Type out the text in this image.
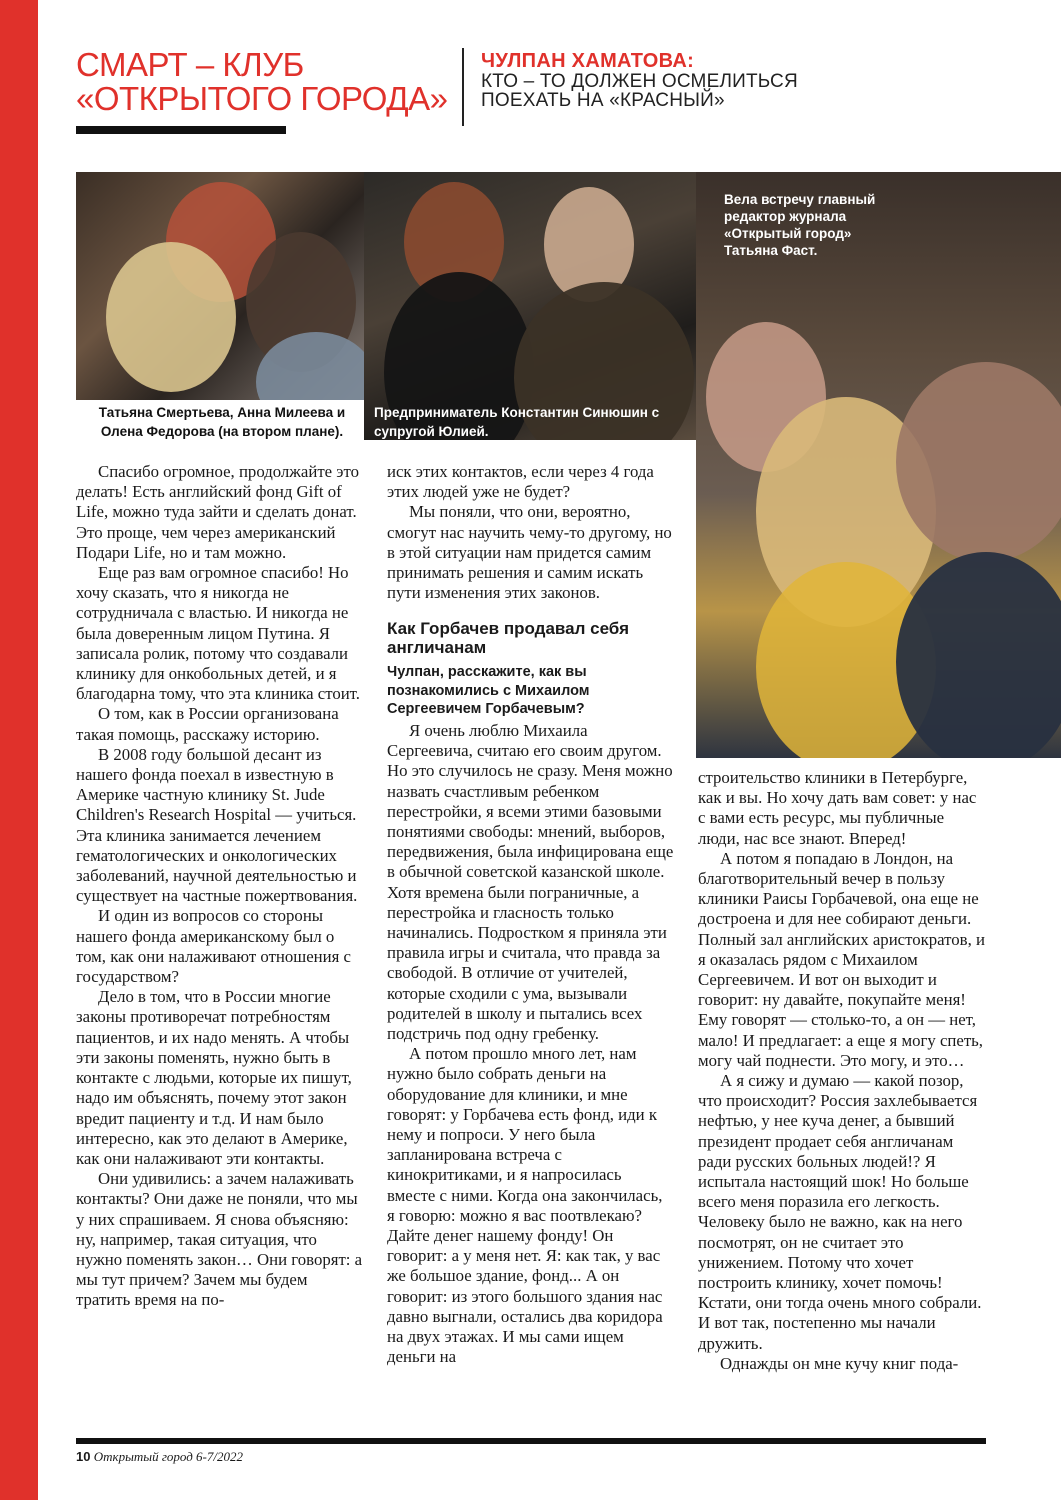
СМАРТ – КЛУБ
«ОТКРЫТОГО ГОРОДА»
ЧУЛПАН ХАМАТОВА:
КТО – ТО ДОЛЖЕН ОСМЕЛИТЬСЯ
ПОЕХАТЬ НА «КРАСНЫЙ»
Татьяна Смертьева, Анна Милеева и Олена Федорова (на втором плане).
Предприниматель Константин Синюшин с супругой Юлией.
Вела встречу главный редактор журнала «Открытый город» Татьяна Фаст.

Спасибо огромное, продолжайте это делать! Есть английский фонд Gift of Life, можно туда зайти и сделать донат. Это проще, чем через американский Подари Life, но и там можно.

Еще раз вам огромное спасибо! Но хочу сказать, что я никогда не сотрудничала с властью. И никогда не была доверенным лицом Путина. Я записала ролик, потому что создавали клинику для онкобольных детей, и я благодарна тому, что эта клиника стоит.

О том, как в России организована такая помощь, расскажу историю.

В 2008 году большой десант из нашего фонда поехал в известную в Америке частную клинику St. Jude Children's Research Hospital — учиться. Эта клиника занимается лечением гематологических и онкологических заболеваний, научной деятельностью и существует на частные пожертвования.

И один из вопросов со стороны нашего фонда американскому был о том, как они налаживают отношения с государством?

Дело в том, что в России многие законы противоречат потребностям пациентов, и их надо менять. А чтобы эти законы поменять, нужно быть в контакте с людьми, которые их пишут, надо им объяснять, почему этот закон вредит пациенту и т.д. И нам было интересно, как это делают в Америке, как они налаживают эти контакты.

Они удивились: а зачем налаживать контакты? Они даже не поняли, что мы у них спрашиваем. Я снова объясняю: ну, например, такая ситуация, что нужно поменять закон… Они говорят: а мы тут причем? Зачем мы будем тратить время на по-

иск этих контактов, если через 4 года этих людей уже не будет?

Мы поняли, что они, вероятно, смогут нас научить чему-то другому, но в этой ситуации нам придется самим принимать решения и самим искать пути изменения этих законов.

Как Горбачев продавал себя англичанам
Чулпан, расскажите, как вы познакомились с Михаилом Сергеевичем Горбачевым?

Я очень люблю Михаила Сергеевича, считаю его своим другом. Но это случилось не сразу. Меня можно назвать счастливым ребенком перестройки, я всеми этими базовыми понятиями свободы: мнений, выборов, передвижения, была инфицирована еще в обычной советской казанской школе. Хотя времена были пограничные, а перестройка и гласность только начинались. Подростком я приняла эти правила игры и считала, что правда за свободой. В отличие от учителей, которые сходили с ума, вызывали родителей в школу и пытались всех подстричь под одну гребенку.

А потом прошло много лет, нам нужно было собрать деньги на оборудование для клиники, и мне говорят: у Горбачева есть фонд, иди к нему и попроси. У него была запланирована встреча с кинокритиками, и я напросилась вместе с ними. Когда она закончилась, я говорю: можно я вас поотвлекаю? Дайте денег нашему фонду! Он говорит: а у меня нет. Я: как так, у вас же большое здание, фонд... А он говорит: из этого большого здания нас давно выгнали, остались два коридора на двух этажах. И мы сами ищем деньги на

строительство клиники в Петербурге, как и вы. Но хочу дать вам совет: у нас с вами есть ресурс, мы публичные люди, нас все знают. Вперед!

А потом я попадаю в Лондон, на благотворительный вечер в пользу клиники Раисы Горбачевой, она еще не достроена и для нее собирают деньги. Полный зал английских аристократов, и я оказалась рядом с Михаилом Сергеевичем. И вот он выходит и говорит: ну давайте, покупайте меня! Ему говорят — столько-то, а он — нет, мало! И предлагает: а еще я могу спеть, могу чай поднести. Это могу, и это…

А я сижу и думаю — какой позор, что происходит? Россия захлебывается нефтью, у нее куча денег, а бывший президент продает себя англичанам ради русских больных людей!? Я испытала настоящий шок! Но больше всего меня поразила его легкость. Человеку было не важно, как на него посмотрят, он не считает это унижением. Потому что хочет построить клинику, хочет помочь! Кстати, они тогда очень много собрали. И вот так, постепенно мы начали дружить.

Однажды он мне кучу книг пода-

10 Открытый город 6-7/2022
